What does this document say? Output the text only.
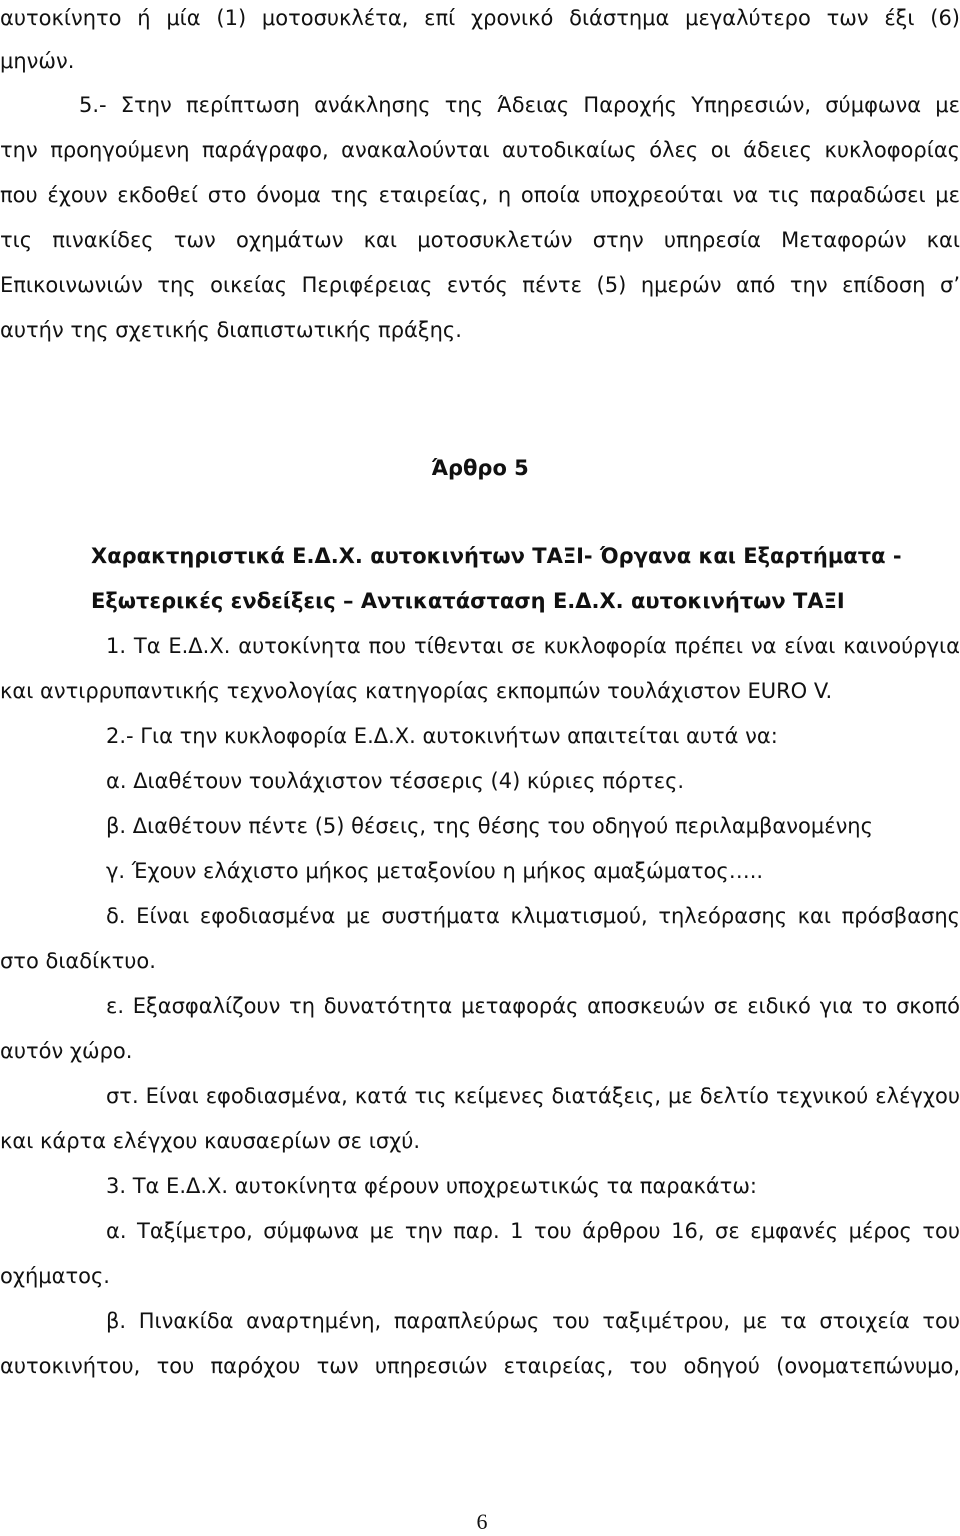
αυτοκίνητο ή μία (1) μοτοσυκλέτα, επί χρονικό διάστημα μεγαλύτερο των έξι (6)

μηνών.

5.- Στην περίπτωση ανάκλησης της Άδειας Παροχής Υπηρεσιών, σύμφωνα με

την προηγούμενη παράγραφο, ανακαλούνται αυτοδικαίως όλες οι άδειες κυκλοφορίας

που έχουν εκδοθεί στο όνομα της εταιρείας, η οποία υποχρεούται να τις παραδώσει με

τις πινακίδες των οχημάτων και μοτοσυκλετών στην υπηρεσία Μεταφορών και

Επικοινωνιών της οικείας Περιφέρειας εντός πέντε (5) ημερών από την επίδοση σ’

αυτήν της σχετικής διαπιστωτικής πράξης.

Άρθρο 5

Χαρακτηριστικά Ε.Δ.Χ. αυτοκινήτων ΤΑΞΙ- Όργανα και Εξαρτήματα -

Εξωτερικές ενδείξεις – Αντικατάσταση Ε.Δ.Χ. αυτοκινήτων ΤΑΞΙ

1. Τα Ε.Δ.Χ. αυτοκίνητα που τίθενται σε κυκλοφορία πρέπει να είναι καινούργια

και αντιρρυπαντικής τεχνολογίας κατηγορίας εκπομπών τουλάχιστον EURO V.

2.- Για την κυκλοφορία Ε.Δ.Χ. αυτοκινήτων απαιτείται αυτά να:

α. Διαθέτουν τουλάχιστον τέσσερις (4) κύριες πόρτες.

β. Διαθέτουν πέντε (5) θέσεις, της θέσης του οδηγού περιλαμβανομένης

γ. Έχουν ελάχιστο μήκος μεταξονίου η μήκος αμαξώματος…..

δ. Είναι εφοδιασμένα με συστήματα κλιματισμού, τηλεόρασης και πρόσβασης

στο διαδίκτυο.

ε. Εξασφαλίζουν τη δυνατότητα μεταφοράς αποσκευών σε ειδικό για το σκοπό

αυτόν χώρο.

στ. Είναι εφοδιασμένα, κατά τις κείμενες διατάξεις, με δελτίο τεχνικού ελέγχου

και κάρτα ελέγχου καυσαερίων σε ισχύ.

3. Τα Ε.Δ.Χ. αυτοκίνητα φέρουν υποχρεωτικώς τα παρακάτω:

α. Ταξίμετρο, σύμφωνα με την παρ. 1 του άρθρου 16, σε εμφανές μέρος του

οχήματος.

β. Πινακίδα αναρτημένη, παραπλεύρως του ταξιμέτρου, με τα στοιχεία του

αυτοκινήτου, του παρόχου των υπηρεσιών εταιρείας, του οδηγού (ονοματεπώνυμο,

6
